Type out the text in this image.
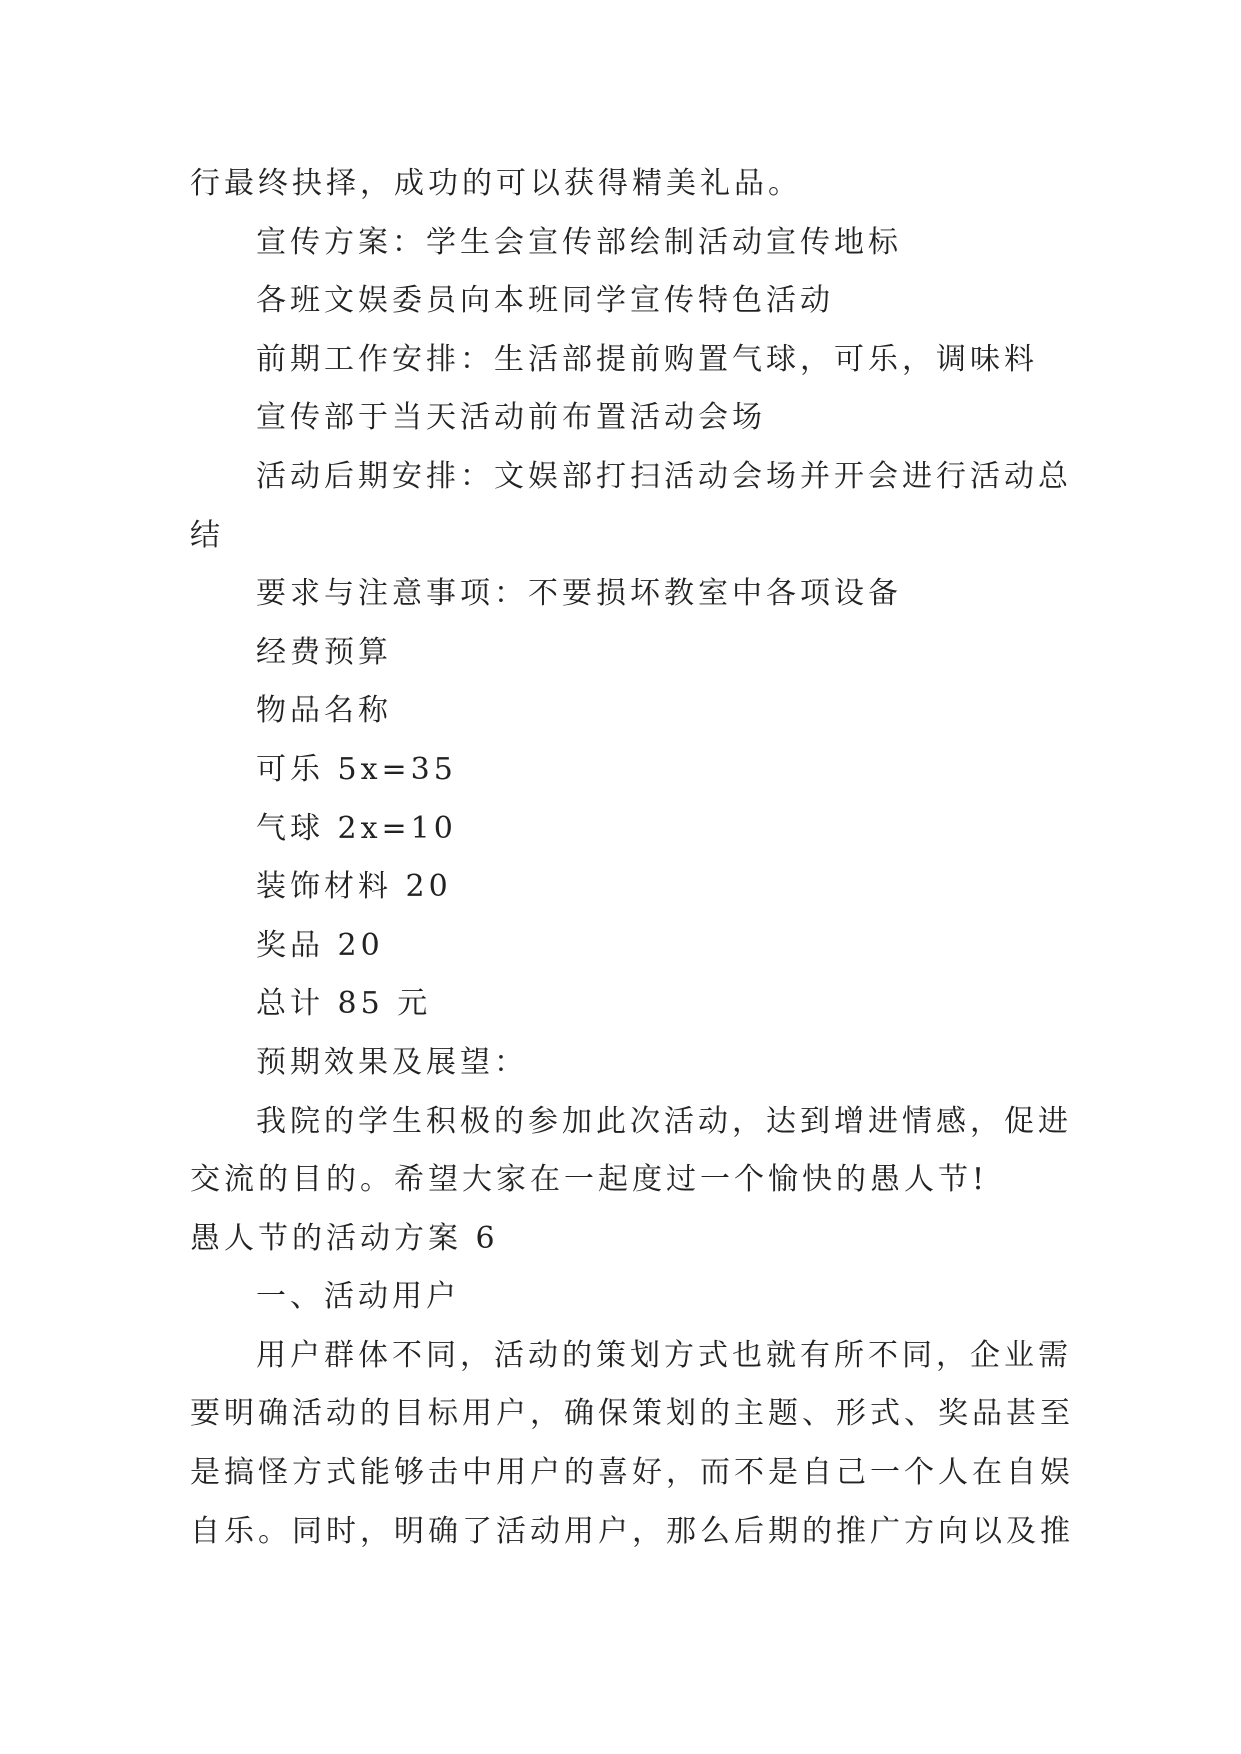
行最终抉择，成功的可以获得精美礼品。
宣传方案：学生会宣传部绘制活动宣传地标
各班文娱委员向本班同学宣传特色活动
前期工作安排：生活部提前购置气球，可乐，调味料
宣传部于当天活动前布置活动会场
活动后期安排：文娱部打扫活动会场并开会进行活动总
结
要求与注意事项：不要损坏教室中各项设备
经费预算
物品名称
可乐 5x=35
气球 2x=10
装饰材料 20
奖品 20
总计 85 元
预期效果及展望：
我院的学生积极的参加此次活动，达到增进情感，促进
交流的目的。希望大家在一起度过一个愉快的愚人节!
愚人节的活动方案 6
一、活动用户
用户群体不同，活动的策划方式也就有所不同，企业需
要明确活动的目标用户，确保策划的主题、形式、奖品甚至
是搞怪方式能够击中用户的喜好，而不是自己一个人在自娱
自乐。同时，明确了活动用户，那么后期的推广方向以及推
